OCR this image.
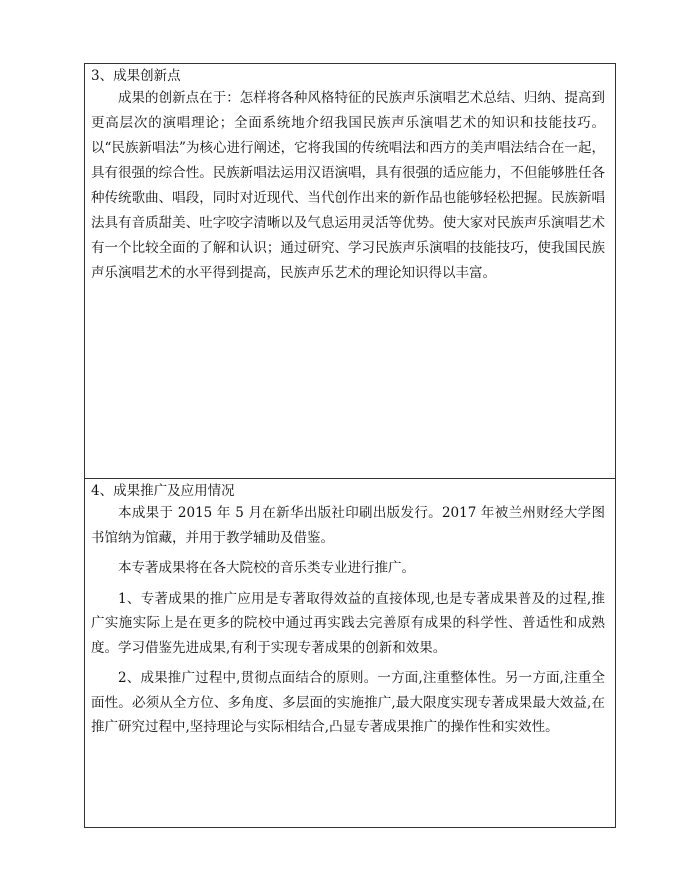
3、成果创新点

成果的创新点在于：怎样将各种风格特征的民族声乐演唱艺术总结、归纳、提高到更高层次的演唱理论；全面系统地介绍我国民族声乐演唱艺术的知识和技能技巧。以“民族新唱法”为核心进行阐述，它将我国的传统唱法和西方的美声唱法结合在一起，具有很强的综合性。民族新唱法运用汉语演唱，具有很强的适应能力，不但能够胜任各种传统歌曲、唱段，同时对近现代、当代创作出来的新作品也能够轻松把握。民族新唱法具有音质甜美、吐字咬字清晰以及气息运用灵活等优势。使大家对民族声乐演唱艺术有一个比较全面的了解和认识；通过研究、学习民族声乐演唱的技能技巧，使我国民族声乐演唱艺术的水平得到提高，民族声乐艺术的理论知识得以丰富。

4、成果推广及应用情况

本成果于 2015 年 5 月在新华出版社印刷出版发行。2017 年被兰州财经大学图书馆纳为馆藏，并用于教学辅助及借鉴。

本专著成果将在各大院校的音乐类专业进行推广。

1、专著成果的推广应用是专著取得效益的直接体现,也是专著成果普及的过程,推广实施实际上是在更多的院校中通过再实践去完善原有成果的科学性、普适性和成熟度。学习借鉴先进成果,有利于实现专著成果的创新和效果。

2、成果推广过程中,贯彻点面结合的原则。一方面,注重整体性。另一方面,注重全面性。必须从全方位、多角度、多层面的实施推广,最大限度实现专著成果最大效益,在推广研究过程中,坚持理论与实际相结合,凸显专著成果推广的操作性和实效性。
